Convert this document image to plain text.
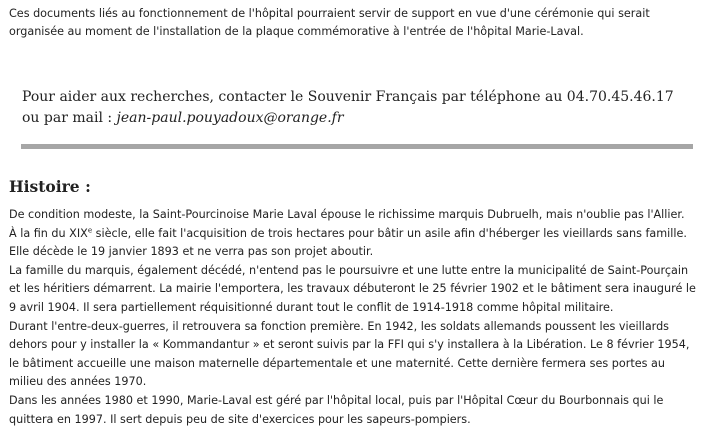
Ces documents liés au fonctionnement de l'hôpital pourraient servir de support en vue d'une cérémonie qui serait organisée au moment de l'installation de la plaque commémorative à l'entrée de l'hôpital Marie-Laval.

Pour aider aux recherches, contacter le Souvenir Français par téléphone au 04.70.45.46.17 ou par mail : jean-paul.pouyadoux@orange.fr

Histoire :

De condition modeste, la Saint-Pourcinoise Marie Laval épouse le richissime marquis Dubruelh, mais n'oublie pas l'Allier.

À la fin du XIXe siècle, elle fait l'acquisition de trois hectares pour bâtir un asile afin d'héberger les vieillards sans famille. Elle décède le 19 janvier 1893 et ne verra pas son projet aboutir.

La famille du marquis, également décédé, n'entend pas le poursuivre et une lutte entre la municipalité de Saint-Pourçain et les héritiers démarrent. La mairie l'emportera, les travaux débuteront le 25 février 1902 et le bâtiment sera inauguré le 9 avril 1904. Il sera partiellement réquisitionné durant tout le conflit de 1914-1918 comme hôpital militaire.

Durant l'entre-deux-guerres, il retrouvera sa fonction première. En 1942, les soldats allemands poussent les vieillards dehors pour y installer la « Kommandantur » et seront suivis par la FFI qui s'y installera à la Libération. Le 8 février 1954, le bâtiment accueille une maison maternelle départementale et une maternité. Cette dernière fermera ses portes au milieu des années 1970.

Dans les années 1980 et 1990, Marie-Laval est géré par l'hôpital local, puis par l'Hôpital Cœur du Bourbonnais qui le quittera en 1997. Il sert depuis peu de site d'exercices pour les sapeurs-pompiers.
